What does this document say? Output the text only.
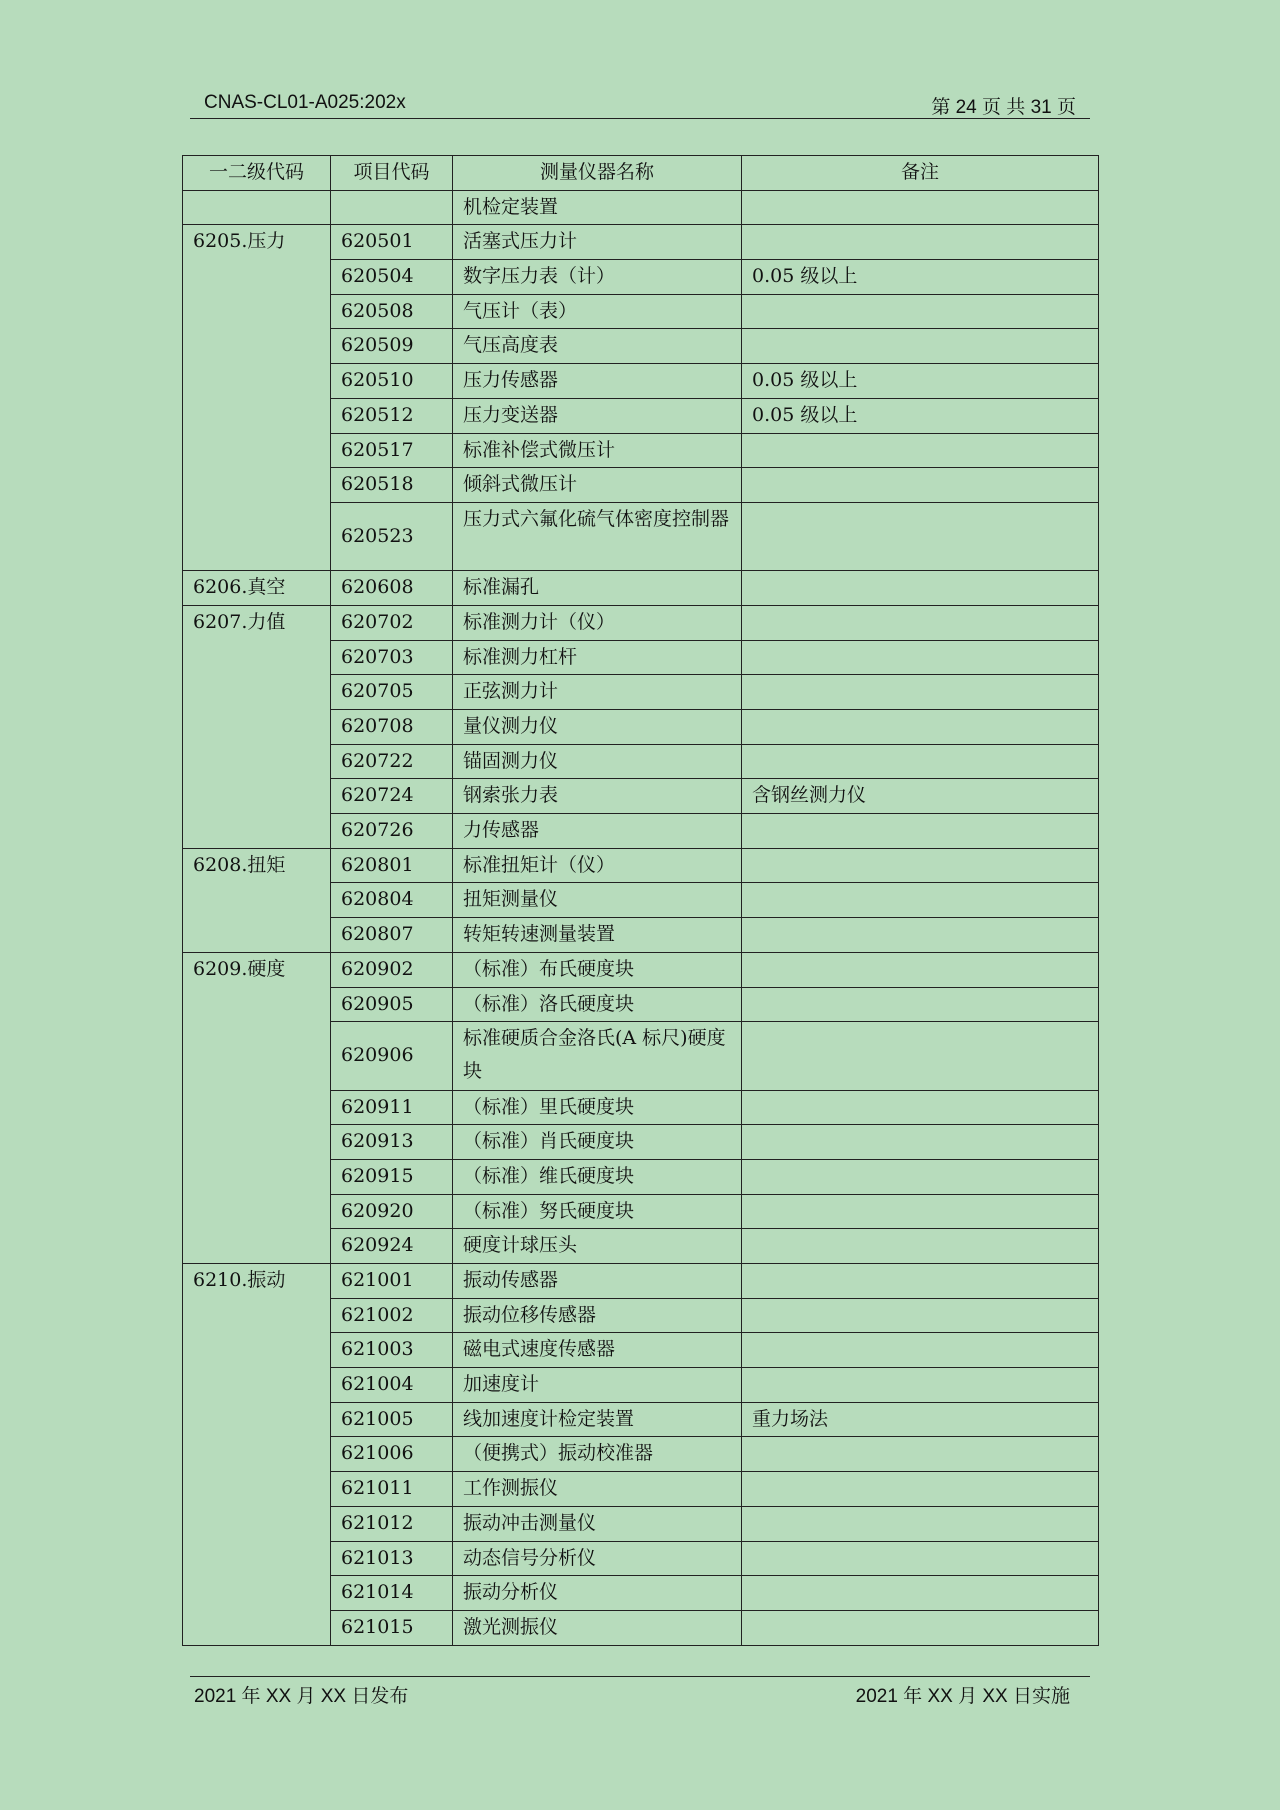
CNAS-CL01-A025:202x	第 24 页 共 31 页
一二级代码	项目代码	测量仪器名称	备注
		机检定装置	
6205.压力	620501	活塞式压力计	
	620504	数字压力表（计）	0.05 级以上
	620508	气压计（表）	
	620509	气压高度表	
	620510	压力传感器	0.05 级以上
	620512	压力变送器	0.05 级以上
	620517	标准补偿式微压计	
	620518	倾斜式微压计	
	620523	压力式六氟化硫气体密度控制器	
6206.真空	620608	标准漏孔	
6207.力值	620702	标准测力计（仪）	
	620703	标准测力杠杆	
	620705	正弦测力计	
	620708	量仪测力仪	
	620722	锚固测力仪	
	620724	钢索张力表	含钢丝测力仪
	620726	力传感器	
6208.扭矩	620801	标准扭矩计（仪）	
	620804	扭矩测量仪	
	620807	转矩转速测量装置	
6209.硬度	620902	（标准）布氏硬度块	
	620905	（标准）洛氏硬度块	
	620906	标准硬质合金洛氏(A 标尺)硬度块	
	620911	（标准）里氏硬度块	
	620913	（标准）肖氏硬度块	
	620915	（标准）维氏硬度块	
	620920	（标准）努氏硬度块	
	620924	硬度计球压头	
6210.振动	621001	振动传感器	
	621002	振动位移传感器	
	621003	磁电式速度传感器	
	621004	加速度计	
	621005	线加速度计检定装置	重力场法
	621006	（便携式）振动校准器	
	621011	工作测振仪	
	621012	振动冲击测量仪	
	621013	动态信号分析仪	
	621014	振动分析仪	
	621015	激光测振仪	
2021 年 XX 月 XX 日发布	2021 年 XX 月 XX 日实施
